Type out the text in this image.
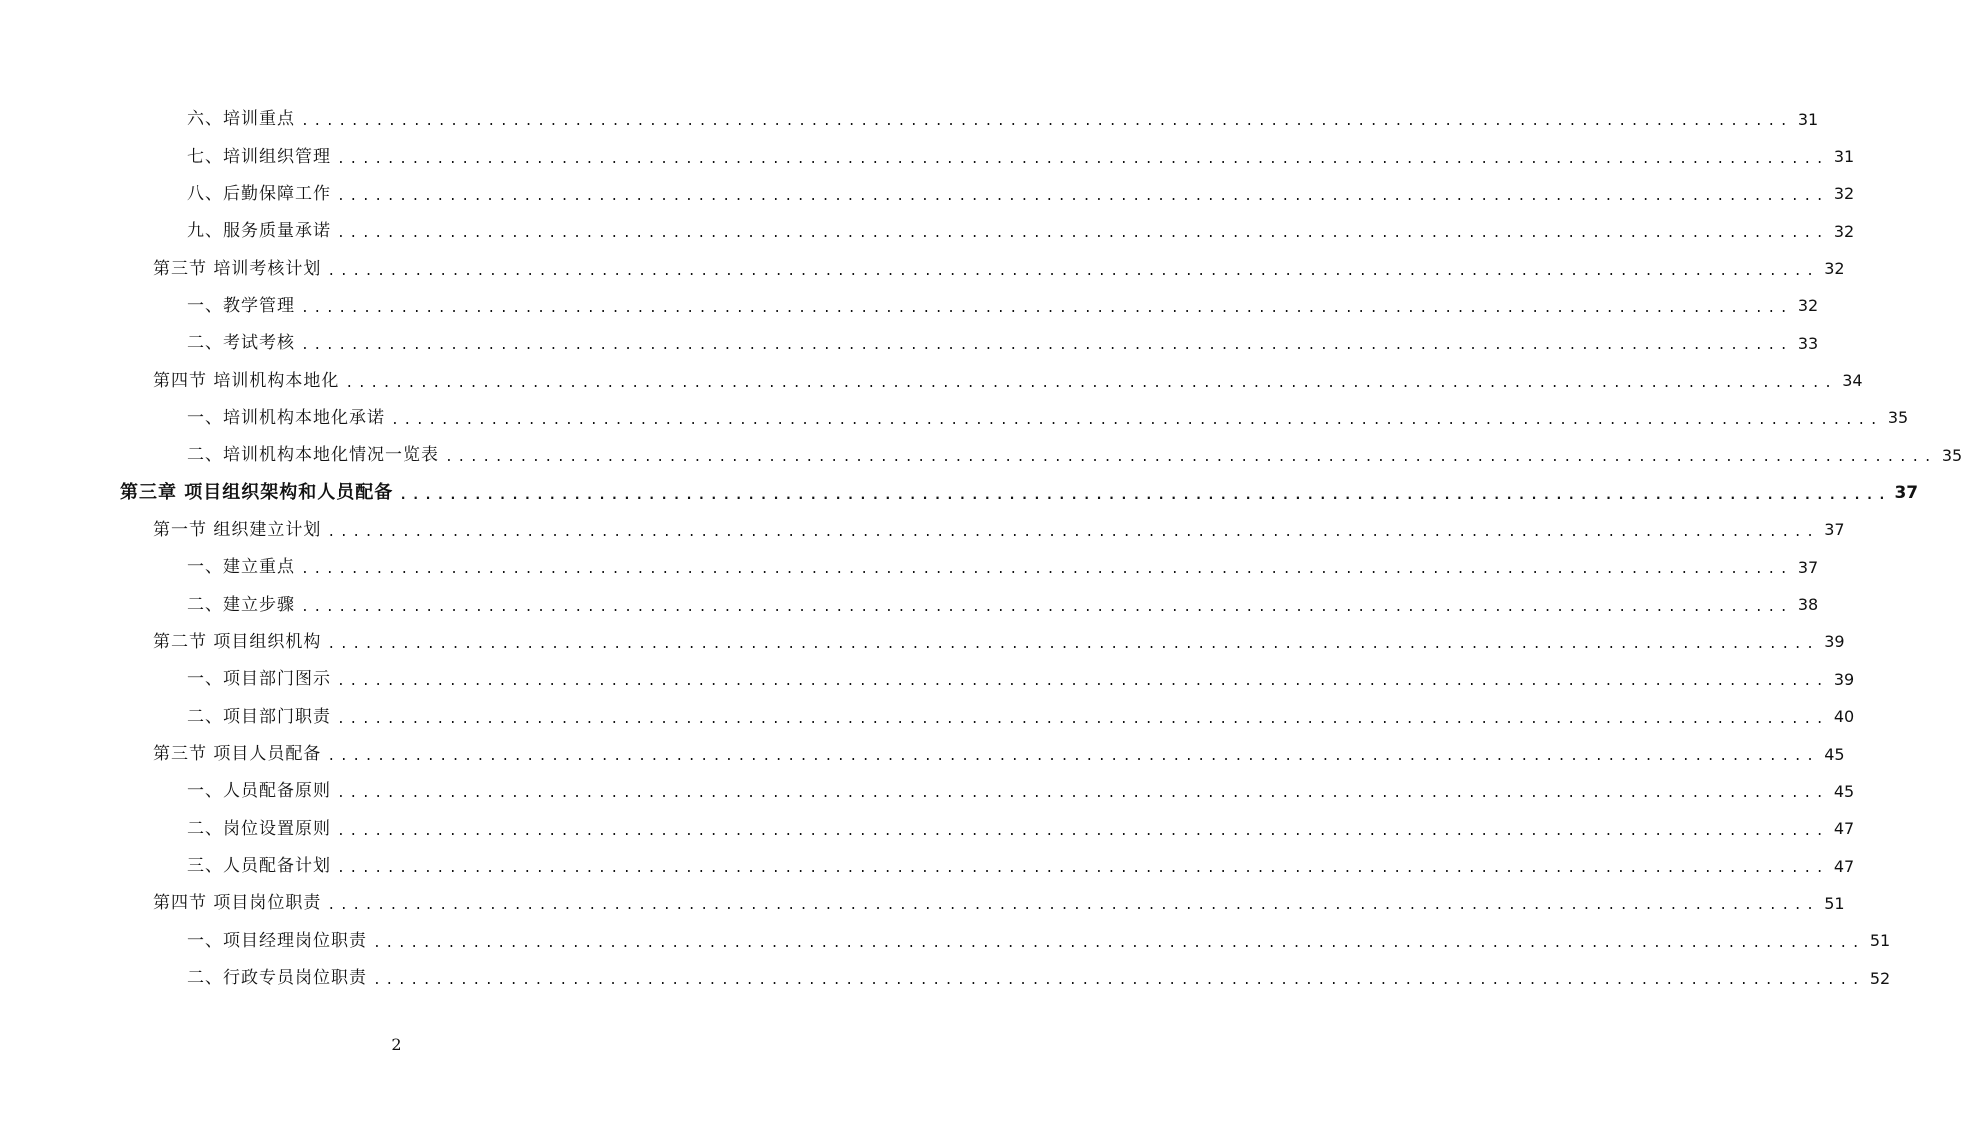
六、培训重点 ........................................................................................................................ 31
七、培训组织管理 ........................................................................................................................ 31
八、后勤保障工作 ........................................................................................................................ 32
九、服务质量承诺 ........................................................................................................................ 32
第三节 培训考核计划 ........................................................................................................................ 32
一、教学管理 ........................................................................................................................ 32
二、考试考核 ........................................................................................................................ 33
第四节 培训机构本地化 ........................................................................................................................ 34
一、培训机构本地化承诺 ........................................................................................................................ 35
二、培训机构本地化情况一览表 ........................................................................................................................ 35
第三章 项目组织架构和人员配备 ........................................................................................................................ 37
第一节 组织建立计划 ........................................................................................................................ 37
一、建立重点 ........................................................................................................................ 37
二、建立步骤 ........................................................................................................................ 38
第二节 项目组织机构 ........................................................................................................................ 39
一、项目部门图示 ........................................................................................................................ 39
二、项目部门职责 ........................................................................................................................ 40
第三节 项目人员配备 ........................................................................................................................ 45
一、人员配备原则 ........................................................................................................................ 45
二、岗位设置原则 ........................................................................................................................ 47
三、人员配备计划 ........................................................................................................................ 47
第四节 项目岗位职责 ........................................................................................................................ 51
一、项目经理岗位职责 ........................................................................................................................ 51
二、行政专员岗位职责 ........................................................................................................................ 52
2
